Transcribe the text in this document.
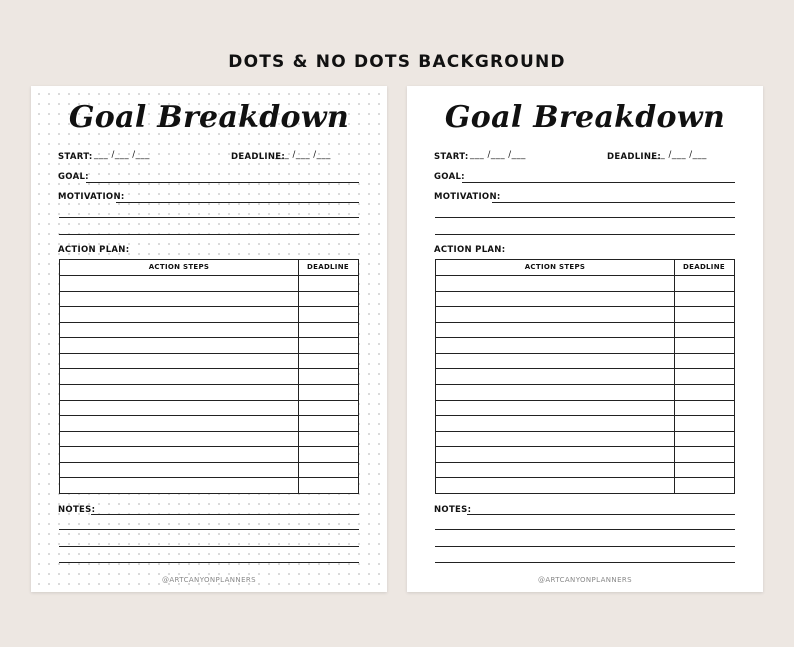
DOTS & NO DOTS BACKGROUND
Goal Breakdown
START: ___ /___ /___	DEADLINE:
___ /___ /___
GOAL:
MOTIVATION:
ACTION PLAN:
ACTION STEPS	DEADLINE
NOTES:
@ARTCANYONPLANNERS
Goal Breakdown
START: ___ /___ /___	DEADLINE:
___ /___ /___
GOAL:
MOTIVATION:
ACTION PLAN:
ACTION STEPS	DEADLINE
NOTES:
@ARTCANYONPLANNERS
